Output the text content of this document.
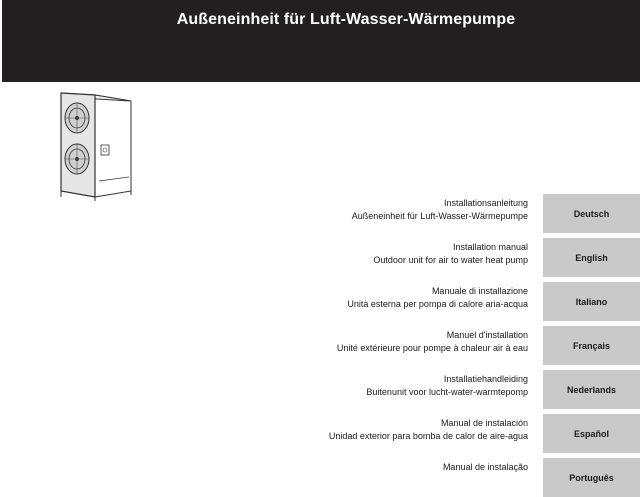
Außeneinheit für Luft-Wasser-Wärmepumpe
Installationsanleitung
Außeneinheit für Luft-Wasser-Wärmepumpe	Deutsch
Installation manual
Outdoor unit for air to water heat pump	English
Manuale di installazione
Unità esterna per pompa di calore aria-acqua	Italiano
Manuel d'installation
Unité extérieure pour pompe à chaleur air à eau	Français
Installatiehandleiding
Buitenunit voor lucht-water-warmtepomp	Nederlands
Manual de instalación
Unidad exterior para bomba de calor de aire-agua	Español
Manual de instalação
Português
